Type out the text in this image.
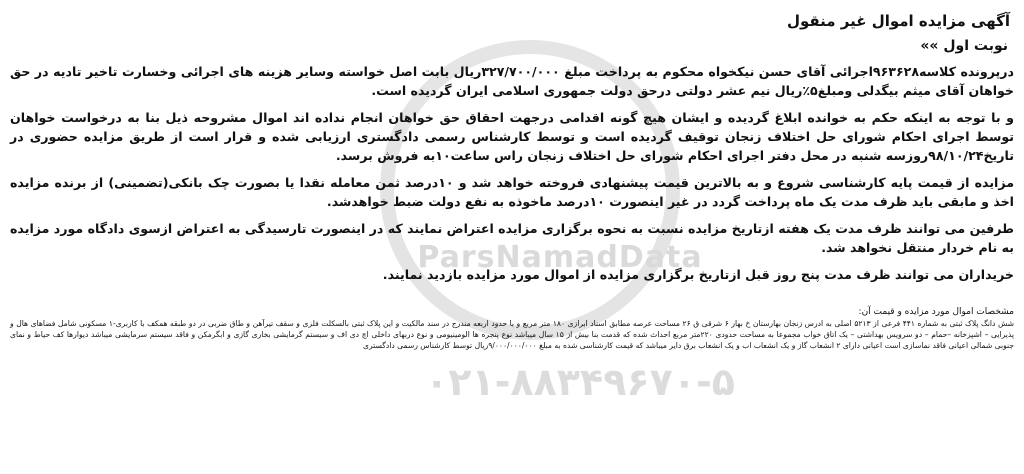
ParsNamadData
۰۲۱-۸۸۳۴۹۶۷۰-۵
آگهی مزایده اموال غیر منقول
نوبت اول »»

درپرونده کلاسه۹۶۳۶۲۸اجرائی آقای حسن نیکخواه محکوم به پرداخت مبلغ ۳۲۷/۷۰۰/۰۰۰ریال بابت اصل خواسته وسایر هزینه های اجرائی وخسارت تاخیر تادیه در حق خواهان آقای میثم بیگدلی ومبلغ۵٪ریال نیم عشر دولتی درحق دولت جمهوری اسلامی ایران گردیده است.

و با توجه به اینکه حکم به خوانده ابلاغ گردیده و ایشان هیچ گونه اقدامی درجهت احقاق حق خواهان انجام نداده اند اموال مشروحه ذیل بنا به درخواست خواهان توسط اجرای احکام شورای حل اختلاف زنجان توقیف گردیده است و توسط کارشناس رسمی دادگستری ارزیابی شده و قرار است از طریق مزایده حضوری در تاریخ۹۸/۱۰/۲۴روزسه شنبه در محل دفتر اجرای احکام شورای حل اختلاف زنجان راس ساعت۱۰به فروش برسد.

مزایده از قیمت پایه کارشناسی شروع و به بالاترین قیمت پیشنهادی فروخته خواهد شد و ۱۰درصد ثمن معامله نقدا یا بصورت چک بانکی(تضمینی) از برنده مزایده اخذ و مابقی باید ظرف مدت یک ماه پرداخت گردد در غیر اینصورت ۱۰درصد ماخوذه به نفع دولت ضبط خواهدشد.

طرفین می توانند ظرف مدت یک هفته ازتاریخ مزایده نسبت به نحوه برگزاری مزایده اعتراض نمایند که در اینصورت تارسیدگی به اعتراض ازسوی دادگاه مورد مزایده به نام خردار منتقل نخواهد شد.

خریداران می توانند ظرف مدت پنج روز قبل ازتاریخ برگزاری مزایده از اموال مورد مزایده بازدید نمایند.

مشخصات اموال مورد مزایده و قیمت آن:
شش دانگ پلاک ثبتی به شماره ۴۴۱ فرعی از ۵۲۱۳ اصلی به ادرس زنجان بهارستان خ بهار ۶ شرقی ق ۲۶ مساحت عرصه مطابق اسناد ابرازی ۱۸۰ متر مربع و با حدود اربعه مندرج در سند مالکیت و این پلاک ثبتی بالسکلت فلزی و سقف تیرآهن و طاق ضربی در دو طبقه همکف با کاربری-۱ مسکونی شامل فضاهای هال و پذیرایی – اشپزخانه –حمام – دو سرویس بهداشتی – یک اتاق خواب مجموعا به مساحت حدودی ۲۲۰متر مربع احداث شده که قدمت بنا بیش از ۱۵ سال میباشد نوع پنجره ها الومینیومی و نوع دربهای داخلی اچ دی اف و سیستم گرمایشی بخاری گازی و ابگرمکن و فاقد سیستم سرمایشی میباشد دیوارها کف حیاط و نمای جنوبی شمالی اعیانی فاقد نماسازی است اعیانی دارای ۲ انشعاب گاز و یک انشعاب اب و یک انشعاب برق دایر میباشد که قیمت کارشناسی شده به مبلغ ۹/۰۰۰/۰۰۰/۰۰۰ریال توسط کارشناس رسمی دادگستری
